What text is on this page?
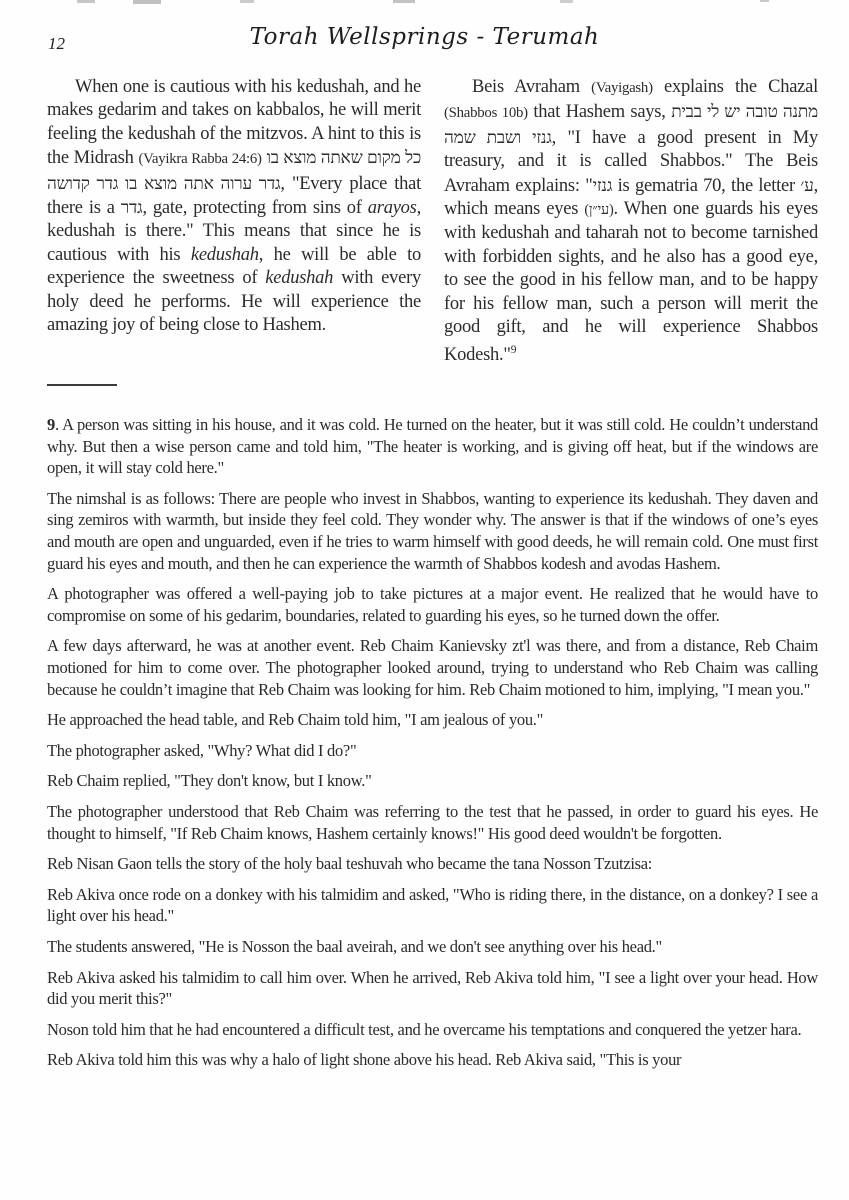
12	Torah Wellsprings - Terumah
When one is cautious with his kedushah, and he makes gedarim and takes on kabbalos, he will merit feeling the kedushah of the mitzvos. A hint to this is the Midrash (Vayikra Rabba 24:6) כל מקום שאתה מוצא בו גדר ערוה אתה מוצא בו גדר קדושה, "Every place that there is a גדר, gate, protecting from sins of arayos, kedushah is there." This means that since he is cautious with his kedushah, he will be able to experience the sweetness of kedushah with every holy deed he performs. He will experience the amazing joy of being close to Hashem.
Beis Avraham (Vayigash) explains the Chazal (Shabbos 10b) that Hashem says, מתנה טובה יש לי בבית גנזי ושבת שמה, "I have a good present in My treasury, and it is called Shabbos." The Beis Avraham explains: "גנזי is gematria 70, the letter ע׳, which means eyes (עי״ן). When one guards his eyes with kedushah and taharah not to become tarnished with forbidden sights, and he also has a good eye, to see the good in his fellow man, and to be happy for his fellow man, such a person will merit the good gift, and he will experience Shabbos Kodesh."$^9$

9. A person was sitting in his house, and it was cold. He turned on the heater, but it was still cold. He couldn’t understand why. But then a wise person came and told him, "The heater is working, and is giving off heat, but if the windows are open, it will stay cold here."

The nimshal is as follows: There are people who invest in Shabbos, wanting to experience its kedushah. They daven and sing zemiros with warmth, but inside they feel cold. They wonder why. The answer is that if the windows of one’s eyes and mouth are open and unguarded, even if he tries to warm himself with good deeds, he will remain cold. One must first guard his eyes and mouth, and then he can experience the warmth of Shabbos kodesh and avodas Hashem.

A photographer was offered a well-paying job to take pictures at a major event. He realized that he would have to compromise on some of his gedarim, boundaries, related to guarding his eyes, so he turned down the offer.

A few days afterward, he was at another event. Reb Chaim Kanievsky zt'l was there, and from a distance, Reb Chaim motioned for him to come over. The photographer looked around, trying to understand who Reb Chaim was calling because he couldn’t imagine that Reb Chaim was looking for him. Reb Chaim motioned to him, implying, "I mean you."

He approached the head table, and Reb Chaim told him, "I am jealous of you."

The photographer asked, "Why? What did I do?"

Reb Chaim replied, "They don't know, but I know."

The photographer understood that Reb Chaim was referring to the test that he passed, in order to guard his eyes. He thought to himself, "If Reb Chaim knows, Hashem certainly knows!" His good deed wouldn't be forgotten.

Reb Nisan Gaon tells the story of the holy baal teshuvah who became the tana Nosson Tzutzisa:

Reb Akiva once rode on a donkey with his talmidim and asked, "Who is riding there, in the distance, on a donkey? I see a light over his head."

The students answered, "He is Nosson the baal aveirah, and we don't see anything over his head."

Reb Akiva asked his talmidim to call him over. When he arrived, Reb Akiva told him, "I see a light over your head. How did you merit this?"

Noson told him that he had encountered a difficult test, and he overcame his temptations and conquered the yetzer hara.

Reb Akiva told him this was why a halo of light shone above his head. Reb Akiva said, "This is your
